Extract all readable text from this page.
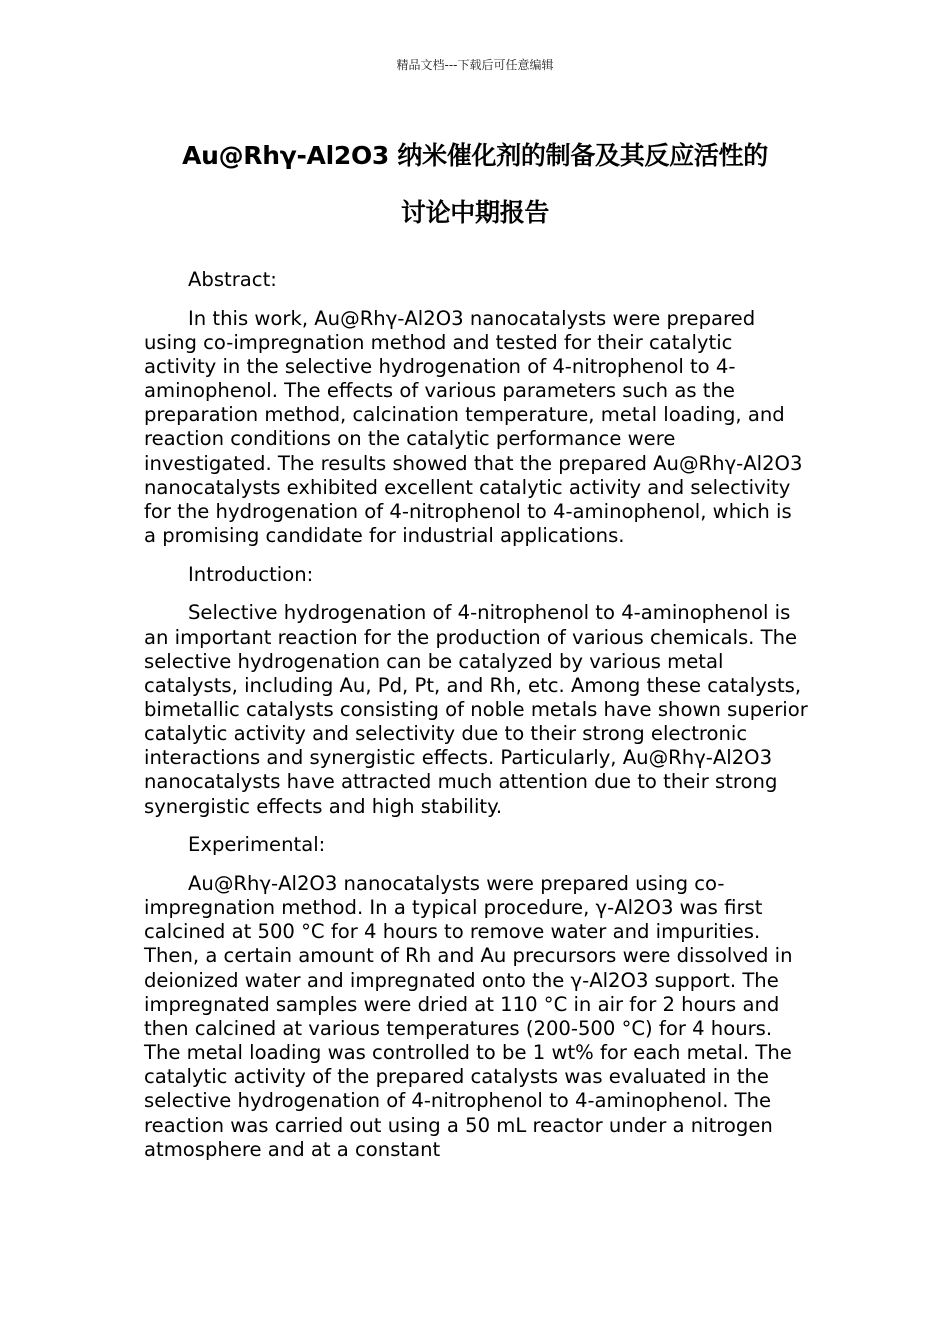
精品文档---下载后可任意编辑
Au@Rhγ-Al2O3 纳米催化剂的制备及其反应活性的
讨论中期报告

Abstract:

In this work, Au@Rhγ-Al2O3 nanocatalysts were prepared using co-impregnation method and tested for their catalytic activity in the selective hydrogenation of 4-nitrophenol to 4-aminophenol. The effects of various parameters such as the preparation method, calcination temperature, metal loading, and reaction conditions on the catalytic performance were investigated. The results showed that the prepared Au@Rhγ-Al2O3 nanocatalysts exhibited excellent catalytic activity and selectivity for the hydrogenation of 4-nitrophenol to 4-aminophenol, which is a promising candidate for industrial applications.

Introduction:

Selective hydrogenation of 4-nitrophenol to 4-aminophenol is an important reaction for the production of various chemicals. The selective hydrogenation can be catalyzed by various metal catalysts, including Au, Pd, Pt, and Rh, etc. Among these catalysts, bimetallic catalysts consisting of noble metals have shown superior catalytic activity and selectivity due to their strong electronic interactions and synergistic effects. Particularly, Au@Rhγ-Al2O3 nanocatalysts have attracted much attention due to their strong synergistic effects and high stability.

Experimental:

Au@Rhγ-Al2O3 nanocatalysts were prepared using co-impregnation method. In a typical procedure, γ-Al2O3 was first calcined at 500 °C for 4 hours to remove water and impurities. Then, a certain amount of Rh and Au precursors were dissolved in deionized water and impregnated onto the γ-Al2O3 support. The impregnated samples were dried at 110 °C in air for 2 hours and then calcined at various temperatures (200-500 °C) for 4 hours. The metal loading was controlled to be 1 wt% for each metal. The catalytic activity of the prepared catalysts was evaluated in the selective hydrogenation of 4-nitrophenol to 4-aminophenol. The reaction was carried out using a 50 mL reactor under a nitrogen atmosphere and at a constant
